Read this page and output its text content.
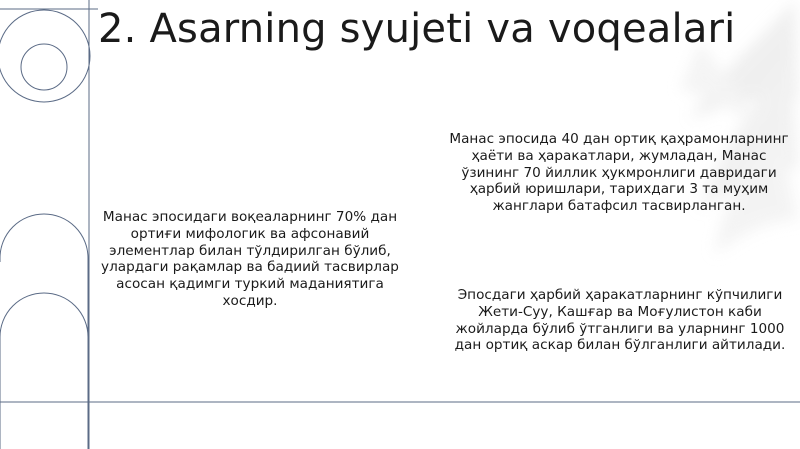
2. Asarning syujeti va voqealari

Манас эпосидаги воқеаларнинг 70% дан ортиғи мифологик ва афсонавий элементлар билан тўлдирилган бўлиб, улардаги рақамлар ва бадиий тасвирлар асосан қадимги туркий маданиятига хосдир.

Манас эпосида 40 дан ортиқ қаҳрамонларнинг ҳаёти ва ҳаракатлари, жумладан, Манас ўзининг 70 йиллик ҳукмронлиги давридаги ҳарбий юришлари, тарихдаги 3 та муҳим жанглари батафсил тасвирланган.

Эпосдаги ҳарбий ҳаракатларнинг кўпчилиги Жети-Суу, Кашғар ва Моғулистон каби жойларда бўлиб ўтганлиги ва уларнинг 1000 дан ортиқ аскар билан бўлганлиги айтилади.
